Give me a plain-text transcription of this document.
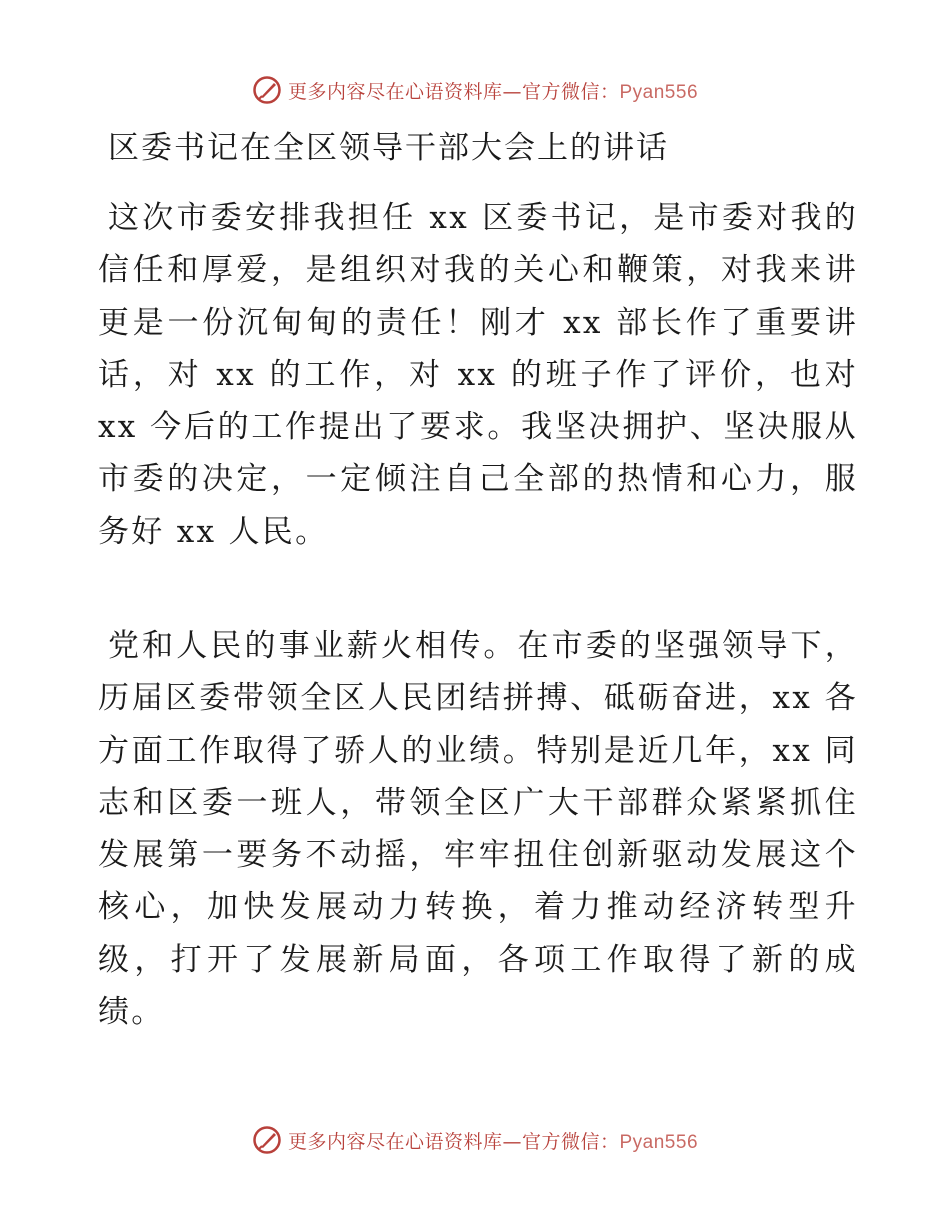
更多内容尽在心语资料库—官方微信：Pyan556
区委书记在全区领导干部大会上的讲话

这次市委安排我担任 xx 区委书记，是市委对我的信任和厚爱，是组织对我的关心和鞭策，对我来讲更是一份沉甸甸的责任！刚才 xx 部长作了重要讲话，对 xx 的工作，对 xx 的班子作了评价，也对 xx 今后的工作提出了要求。我坚决拥护、坚决服从市委的决定，一定倾注自己全部的热情和心力，服务好 xx 人民。

党和人民的事业薪火相传。在市委的坚强领导下，历届区委带领全区人民团结拼搏、砥砺奋进，xx 各方面工作取得了骄人的业绩。特别是近几年，xx 同志和区委一班人，带领全区广大干部群众紧紧抓住发展第一要务不动摇，牢牢扭住创新驱动发展这个核心，加快发展动力转换，着力推动经济转型升级，打开了发展新局面，各项工作取得了新的成绩。

更多内容尽在心语资料库—官方微信：Pyan556
